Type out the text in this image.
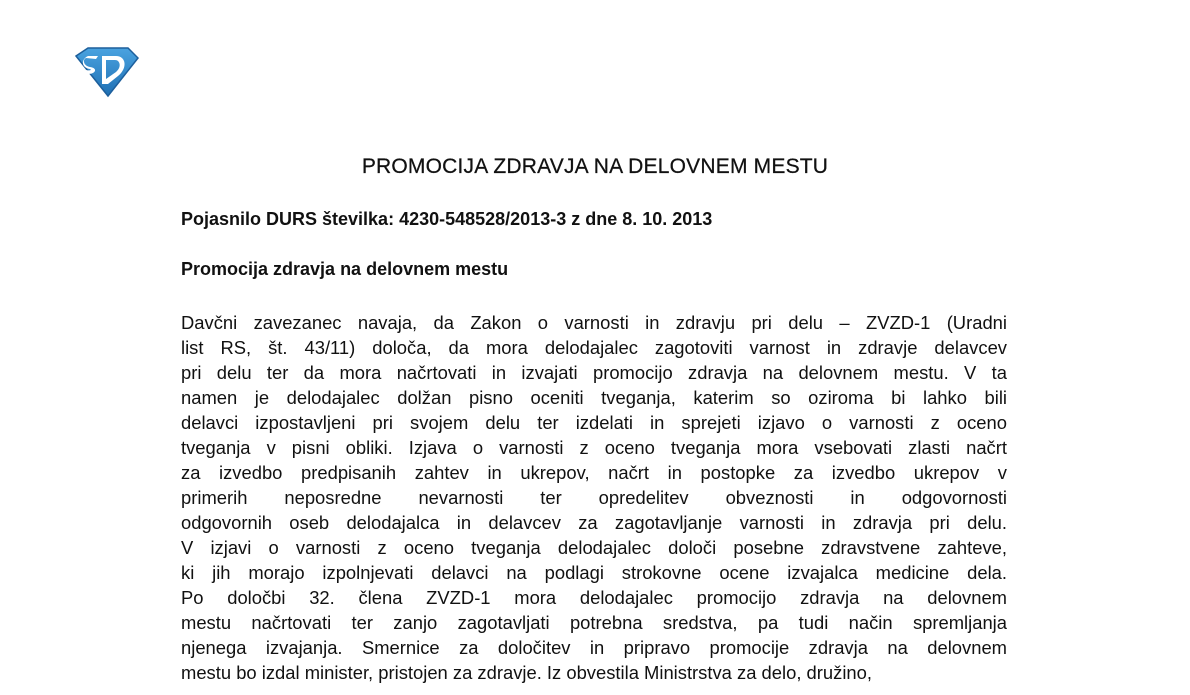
PROMOCIJA ZDRAVJA NA DELOVNEM MESTU

Pojasnilo DURS številka: 4230-548528/2013-3 z dne 8. 10. 2013

Promocija zdravja na delovnem mestu

Davčni zavezanec navaja, da Zakon o varnosti in zdravju pri delu – ZVZD-1 (Uradni
list RS, št. 43/11) določa, da mora delodajalec zagotoviti varnost in zdravje delavcev
pri delu ter da mora načrtovati in izvajati promocijo zdravja na delovnem mestu. V ta
namen je delodajalec dolžan pisno oceniti tveganja, katerim so oziroma bi lahko bili
delavci izpostavljeni pri svojem delu ter izdelati in sprejeti izjavo o varnosti z oceno
tveganja v pisni obliki. Izjava o varnosti z oceno tveganja mora vsebovati zlasti načrt
za izvedbo predpisanih zahtev in ukrepov, načrt in postopke za izvedbo ukrepov v
primerih neposredne nevarnosti ter opredelitev obveznosti in odgovornosti
odgovornih oseb delodajalca in delavcev za zagotavljanje varnosti in zdravja pri delu.
V izjavi o varnosti z oceno tveganja delodajalec določi posebne zdravstvene zahteve,
ki jih morajo izpolnjevati delavci na podlagi strokovne ocene izvajalca medicine dela.
Po določbi 32. člena ZVZD-1 mora delodajalec promocijo zdravja na delovnem
mestu načrtovati ter zanjo zagotavljati potrebna sredstva, pa tudi način spremljanja
njenega izvajanja. Smernice za določitev in pripravo promocije zdravja na delovnem
mestu bo izdal minister, pristojen za zdravje. Iz obvestila Ministrstva za delo, družino,
